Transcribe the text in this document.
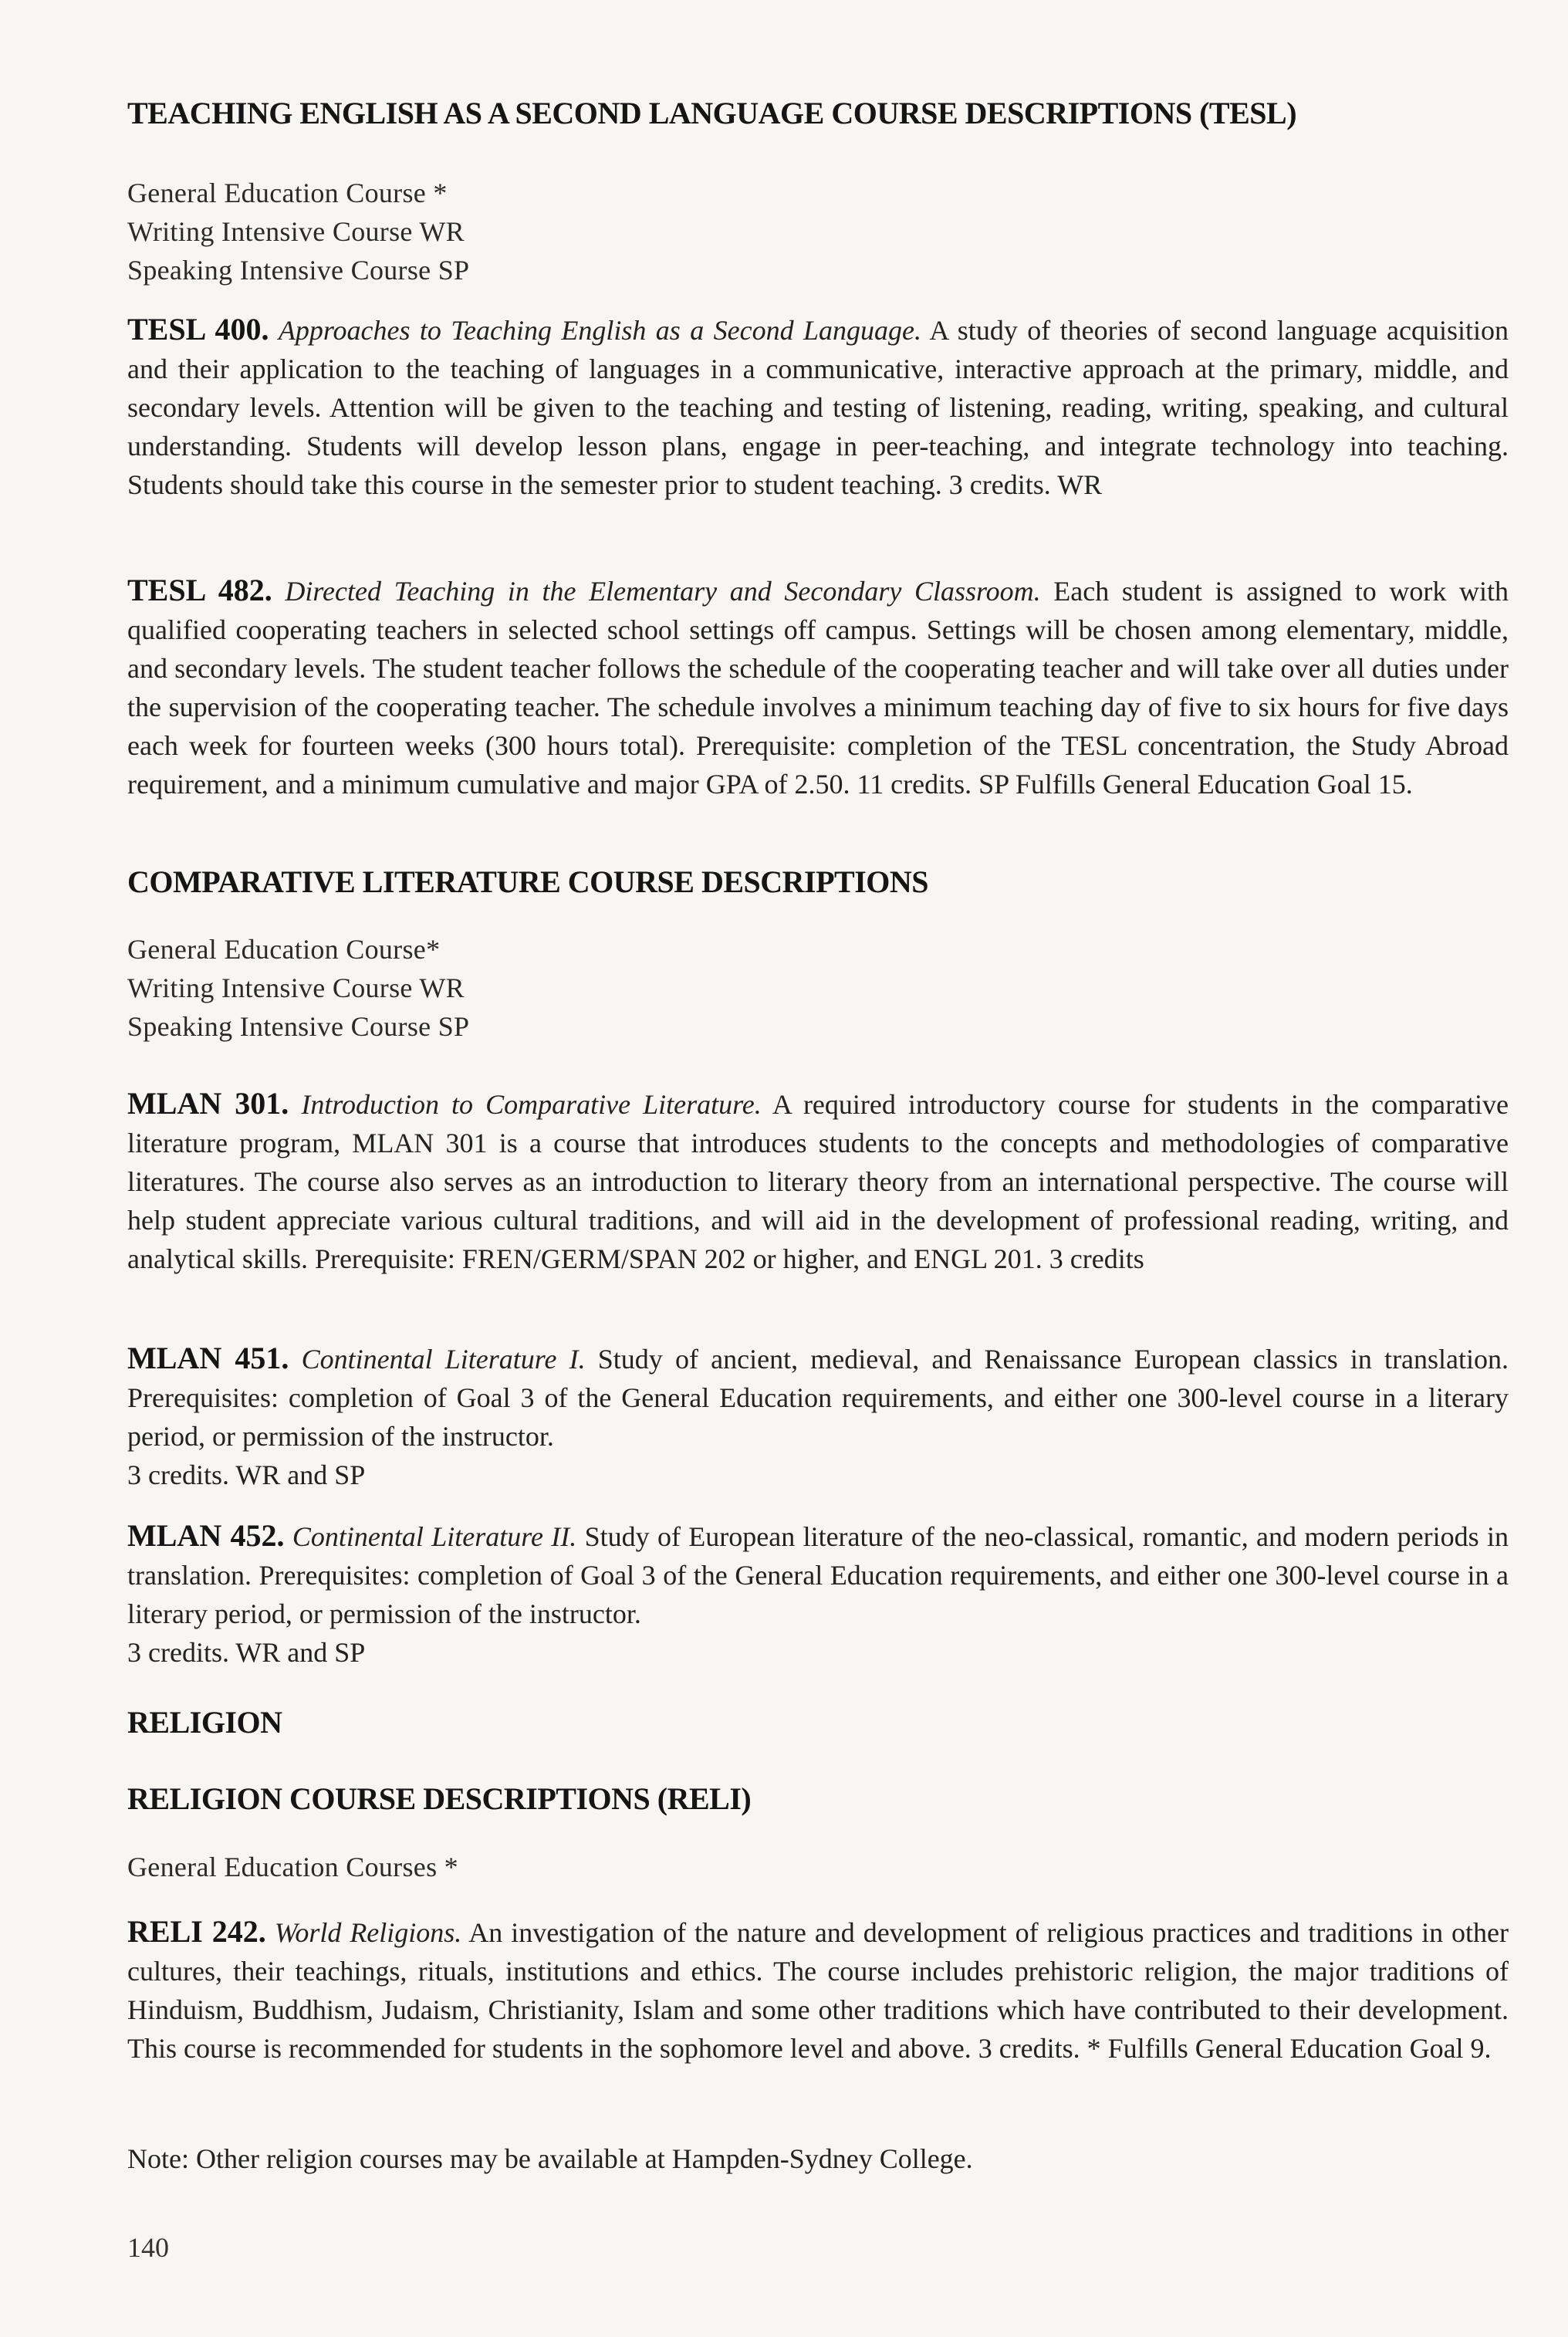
TEACHING ENGLISH AS A SECOND LANGUAGE COURSE DESCRIPTIONS (TESL)
General Education Course *
Writing Intensive Course WR
Speaking Intensive Course SP

TESL 400. Approaches to Teaching English as a Second Language. A study of theories of second language acquisition and their application to the teaching of languages in a communicative, interactive approach at the primary, middle, and secondary levels. Attention will be given to the teaching and testing of listening, reading, writing, speaking, and cultural understanding. Students will develop lesson plans, engage in peer-teaching, and integrate technology into teaching. Students should take this course in the semester prior to student teaching. 3 credits. WR

TESL 482. Directed Teaching in the Elementary and Secondary Classroom. Each student is assigned to work with qualified cooperating teachers in selected school settings off campus. Settings will be chosen among elementary, middle, and secondary levels. The student teacher follows the schedule of the cooperating teacher and will take over all duties under the supervision of the cooperating teacher. The schedule involves a minimum teaching day of five to six hours for five days each week for fourteen weeks (300 hours total). Prerequisite: completion of the TESL concentration, the Study Abroad requirement, and a minimum cumulative and major GPA of 2.50. 11 credits. SP Fulfills General Education Goal 15.

COMPARATIVE LITERATURE COURSE DESCRIPTIONS
General Education Course*
Writing Intensive Course WR
Speaking Intensive Course SP

MLAN 301. Introduction to Comparative Literature. A required introductory course for students in the comparative literature program, MLAN 301 is a course that introduces students to the concepts and methodologies of comparative literatures. The course also serves as an introduction to literary theory from an international perspective. The course will help student appreciate various cultural traditions, and will aid in the development of professional reading, writing, and analytical skills. Prerequisite: FREN/GERM/SPAN 202 or higher, and ENGL 201. 3 credits

MLAN 451. Continental Literature I. Study of ancient, medieval, and Renaissance European classics in translation. Prerequisites: completion of Goal 3 of the General Education requirements, and either one 300-level course in a literary period, or permission of the instructor.
3 credits. WR and SP
MLAN 452. Continental Literature II. Study of European literature of the neo-classical, romantic, and modern periods in translation. Prerequisites: completion of Goal 3 of the General Education requirements, and either one 300-level course in a literary period, or permission of the instructor.
3 credits. WR and SP
RELIGION
RELIGION COURSE DESCRIPTIONS (RELI)
General Education Courses *

RELI 242. World Religions. An investigation of the nature and development of religious practices and traditions in other cultures, their teachings, rituals, institutions and ethics. The course includes prehistoric religion, the major traditions of Hinduism, Buddhism, Judaism, Christianity, Islam and some other traditions which have contributed to their development. This course is recommended for students in the sophomore level and above. 3 credits. * Fulfills General Education Goal 9.

Note: Other religion courses may be available at Hampden-Sydney College.

140
